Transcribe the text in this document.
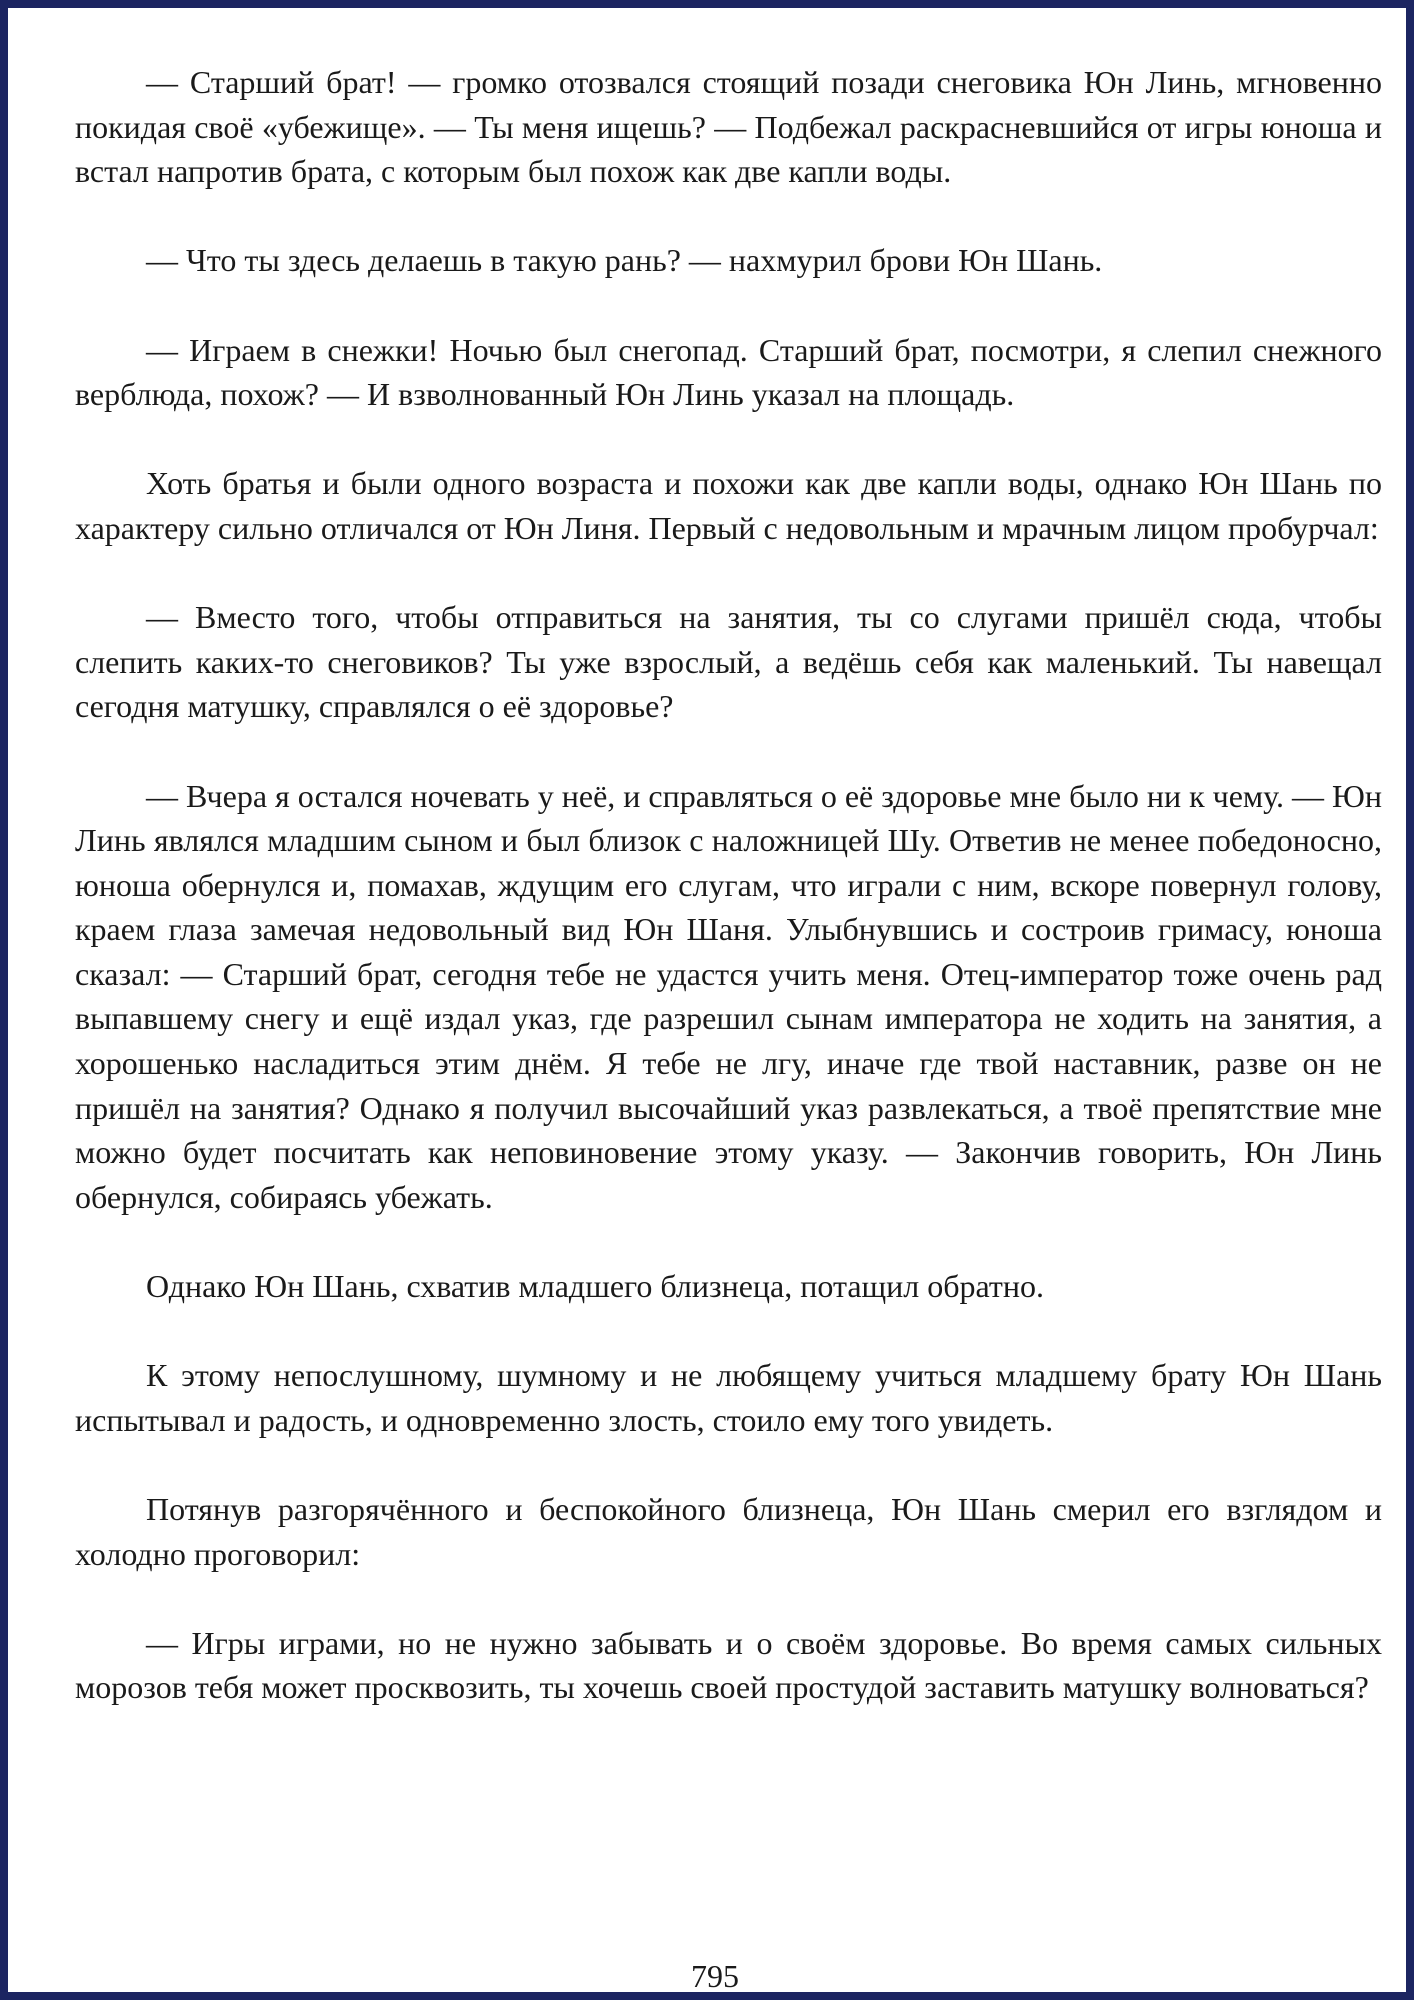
— Старший брат! — громко отозвался стоящий позади снеговика Юн Линь, мгновенно покидая своё «убежище». — Ты меня ищешь? — Подбежал раскрасневшийся от игры юноша и встал напротив брата, с которым был похож как две капли воды.

— Что ты здесь делаешь в такую рань? — нахмурил брови Юн Шань.

— Играем в снежки! Ночью был снегопад. Старший брат, посмотри, я слепил снежного верблюда, похож? — И взволнованный Юн Линь указал на площадь.

Хоть братья и были одного возраста и похожи как две капли воды, однако Юн Шань по характеру сильно отличался от Юн Линя. Первый с недовольным и мрачным лицом пробурчал:

— Вместо того, чтобы отправиться на занятия, ты со слугами пришёл сюда, чтобы слепить каких-то снеговиков? Ты уже взрослый, а ведёшь себя как маленький. Ты навещал сегодня матушку, справлялся о её здоровье?

— Вчера я остался ночевать у неё, и справляться о её здоровье мне было ни к чему. — Юн Линь являлся младшим сыном и был близок с наложницей Шу. Ответив не менее победоносно, юноша обернулся и, помахав, ждущим его слугам, что играли с ним, вскоре повернул голову, краем глаза замечая недовольный вид Юн Шаня. Улыбнувшись и состроив гримасу, юноша сказал: — Старший брат, сегодня тебе не удастся учить меня. Отец-император тоже очень рад выпавшему снегу и ещё издал указ, где разрешил сынам императора не ходить на занятия, а хорошенько насладиться этим днём. Я тебе не лгу, иначе где твой наставник, разве он не пришёл на занятия? Однако я получил высочайший указ развлекаться, а твоё препятствие мне можно будет посчитать как неповиновение этому указу. — Закончив говорить, Юн Линь обернулся, собираясь убежать.

Однако Юн Шань, схватив младшего близнеца, потащил обратно.

К этому непослушному, шумному и не любящему учиться младшему брату Юн Шань испытывал и радость, и одновременно злость, стоило ему того увидеть.

Потянув разгорячённого и беспокойного близнеца, Юн Шань смерил его взглядом и холодно проговорил:

— Игры играми, но не нужно забывать и о своём здоровье. Во время самых сильных морозов тебя может просквозить, ты хочешь своей простудой заставить матушку волноваться?

795
